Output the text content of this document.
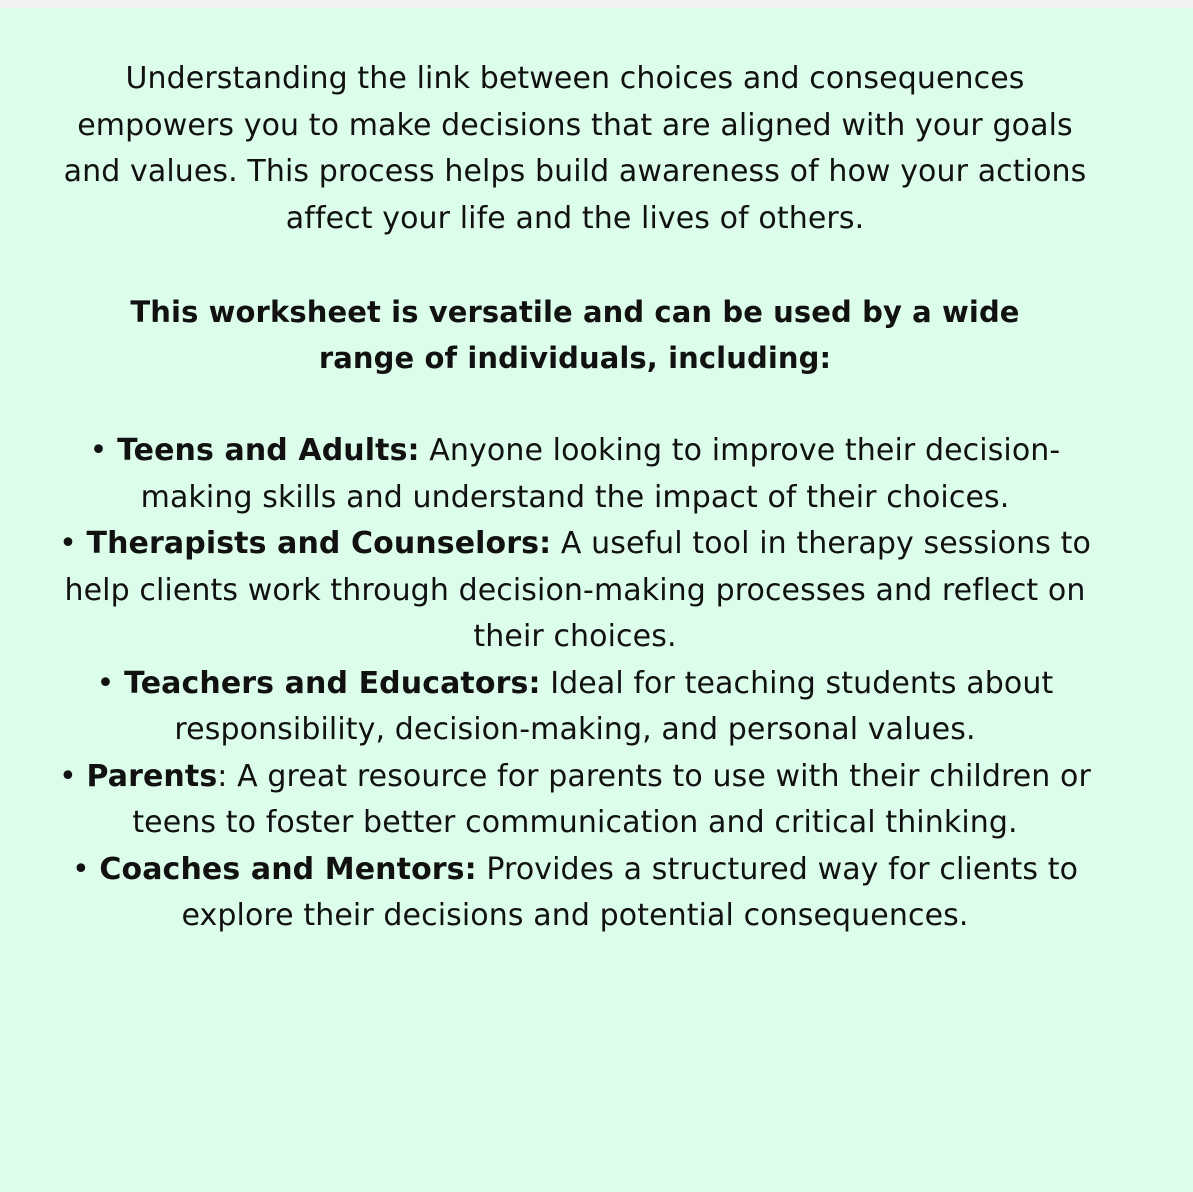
Understanding the link between choices and consequences empowers you to make decisions that are aligned with your goals and values. This process helps build awareness of how your actions affect your life and the lives of others.

This worksheet is versatile and can be used by a wide range of individuals, including:

• Teens and Adults: Anyone looking to improve their decision-making skills and understand the impact of their choices.
• Therapists and Counselors: A useful tool in therapy sessions to help clients work through decision-making processes and reflect on their choices.
• Teachers and Educators: Ideal for teaching students about responsibility, decision-making, and personal values.
• Parents: A great resource for parents to use with their children or teens to foster better communication and critical thinking.
• Coaches and Mentors: Provides a structured way for clients to explore their decisions and potential consequences.
